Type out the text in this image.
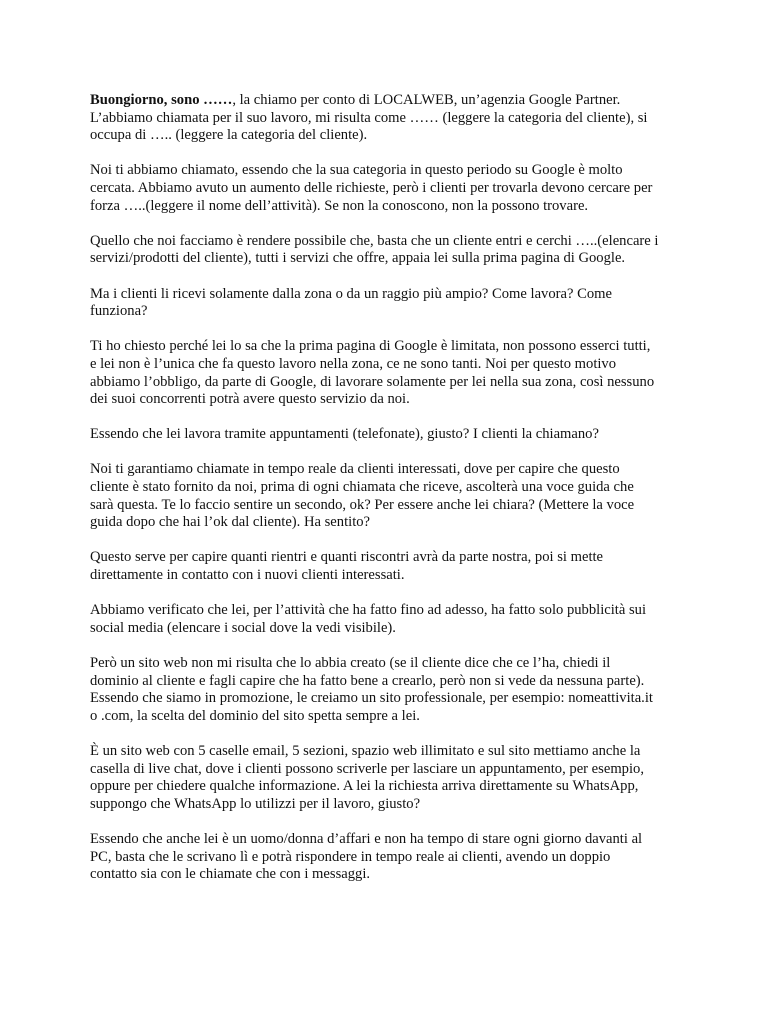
Buongiorno, sono ……, la chiamo per conto di LOCALWEB, un’agenzia Google Partner.
L’abbiamo chiamata per il suo lavoro, mi risulta come …… (leggere la categoria del cliente), si
occupa di ….. (leggere la categoria del cliente).

Noi ti abbiamo chiamato, essendo che la sua categoria in questo periodo su Google è molto
cercata. Abbiamo avuto un aumento delle richieste, però i clienti per trovarla devono cercare per
forza …..(leggere il nome dell’attività). Se non la conoscono, non la possono trovare.

Quello che noi facciamo è rendere possibile che, basta che un cliente entri e cerchi …..(elencare i
servizi/prodotti del cliente), tutti i servizi che offre, appaia lei sulla prima pagina di Google.

Ma i clienti li ricevi solamente dalla zona o da un raggio più ampio? Come lavora? Come
funziona?

Ti ho chiesto perché lei lo sa che la prima pagina di Google è limitata, non possono esserci tutti,
e lei non è l’unica che fa questo lavoro nella zona, ce ne sono tanti. Noi per questo motivo
abbiamo l’obbligo, da parte di Google, di lavorare solamente per lei nella sua zona, così nessuno
dei suoi concorrenti potrà avere questo servizio da noi.

Essendo che lei lavora tramite appuntamenti (telefonate), giusto? I clienti la chiamano?

Noi ti garantiamo chiamate in tempo reale da clienti interessati, dove per capire che questo
cliente è stato fornito da noi, prima di ogni chiamata che riceve, ascolterà una voce guida che
sarà questa. Te lo faccio sentire un secondo, ok? Per essere anche lei chiara? (Mettere la voce
guida dopo che hai l’ok dal cliente). Ha sentito?

Questo serve per capire quanti rientri e quanti riscontri avrà da parte nostra, poi si mette
direttamente in contatto con i nuovi clienti interessati.

Abbiamo verificato che lei, per l’attività che ha fatto fino ad adesso, ha fatto solo pubblicità sui
social media (elencare i social dove la vedi visibile).

Però un sito web non mi risulta che lo abbia creato (se il cliente dice che ce l’ha, chiedi il
dominio al cliente e fagli capire che ha fatto bene a crearlo, però non si vede da nessuna parte).
Essendo che siamo in promozione, le creiamo un sito professionale, per esempio: nomeattivita.it
o .com, la scelta del dominio del sito spetta sempre a lei.

È un sito web con 5 caselle email, 5 sezioni, spazio web illimitato e sul sito mettiamo anche la
casella di live chat, dove i clienti possono scriverle per lasciare un appuntamento, per esempio,
oppure per chiedere qualche informazione. A lei la richiesta arriva direttamente su WhatsApp,
suppongo che WhatsApp lo utilizzi per il lavoro, giusto?

Essendo che anche lei è un uomo/donna d’affari e non ha tempo di stare ogni giorno davanti al
PC, basta che le scrivano lì e potrà rispondere in tempo reale ai clienti, avendo un doppio
contatto sia con le chiamate che con i messaggi.
